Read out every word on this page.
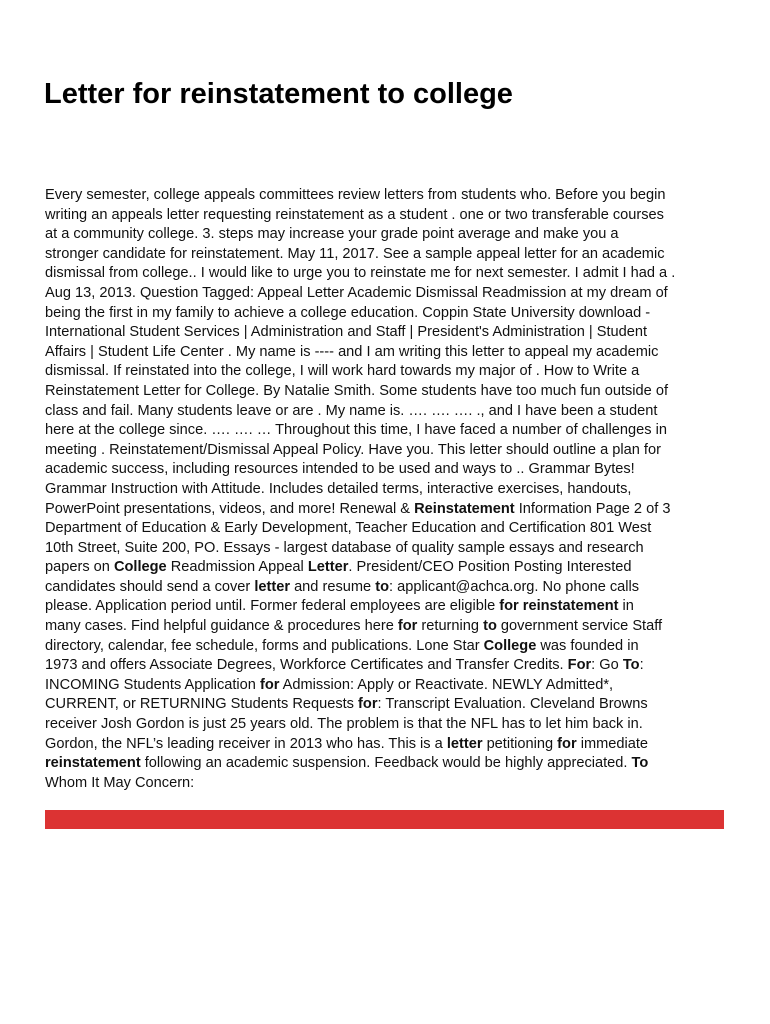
Letter for reinstatement to college
Every semester, college appeals committees review letters from students who. Before you begin
writing an appeals letter requesting reinstatement as a student . one or two transferable courses
at a community college. 3. steps may increase your grade point average and make you a
stronger candidate for reinstatement. May 11, 2017. See a sample appeal letter for an academic
dismissal from college.. I would like to urge you to reinstate me for next semester. I admit I had a .
Aug 13, 2013. Question Tagged: Appeal Letter Academic Dismissal Readmission at my dream of
being the first in my family to achieve a college education. Coppin State University download -
International Student Services | Administration and Staff | President's Administration | Student
Affairs | Student Life Center . My name is ---- and I am writing this letter to appeal my academic
dismissal. If reinstated into the college, I will work hard towards my major of . How to Write a
Reinstatement Letter for College. By Natalie Smith. Some students have too much fun outside of
class and fail. Many students leave or are . My name is. …. …. …. ., and I have been a student
here at the college since. …. …. … Throughout this time, I have faced a number of challenges in
meeting . Reinstatement/Dismissal Appeal Policy. Have you. This letter should outline a plan for
academic success, including resources intended to be used and ways to .. Grammar Bytes!
Grammar Instruction with Attitude. Includes detailed terms, interactive exercises, handouts,
PowerPoint presentations, videos, and more! Renewal & Reinstatement Information Page 2 of 3
Department of Education & Early Development, Teacher Education and Certification 801 West
10th Street, Suite 200, PO. Essays - largest database of quality sample essays and research
papers on College Readmission Appeal Letter. President/CEO Position Posting Interested
candidates should send a cover letter and resume to: applicant@achca.org. No phone calls
please. Application period until. Former federal employees are eligible for reinstatement in
many cases. Find helpful guidance & procedures here for returning to government service Staff
directory, calendar, fee schedule, forms and publications. Lone Star College was founded in
1973 and offers Associate Degrees, Workforce Certificates and Transfer Credits. For: Go To:
INCOMING Students Application for Admission: Apply or Reactivate. NEWLY Admitted*,
CURRENT, or RETURNING Students Requests for: Transcript Evaluation. Cleveland Browns
receiver Josh Gordon is just 25 years old. The problem is that the NFL has to let him back in.
Gordon, the NFL’s leading receiver in 2013 who has. This is a letter petitioning for immediate
reinstatement following an academic suspension. Feedback would be highly appreciated. To
Whom It May Concern:
